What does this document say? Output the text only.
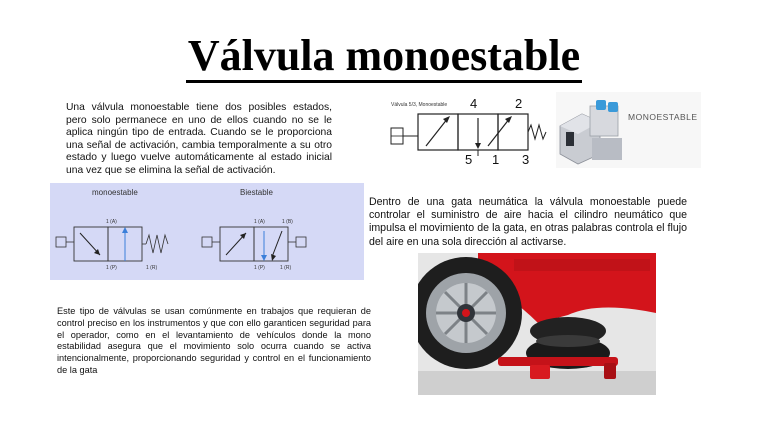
Válvula monoestable

Una válvula monoestable tiene dos posibles estados, pero solo permanece en uno de ellos cuando no se le aplica ningún tipo de entrada. Cuando se le proporciona una señal de activación, cambia temporalmente a su otro estado y luego vuelve automáticamente al estado inicial una vez que se elimina la señal de activación.

monoestable	Biestable
1 (A)
1 (P)	1 (R)
1 (A)	1 (B)
1 (P)	1 (R)
Válvula 5/3, Monoestable 4	2
5 1 3
MONOESTABLE

Dentro de una gata neumática la válvula monoestable puede controlar el suministro de aire hacia el cilindro neumático que impulsa el movimiento de la gata, en otras palabras controla el flujo del aire en una sola dirección al activarse.

Este tipo de válvulas se usan comúnmente en trabajos que requieran de control preciso en los instrumentos y que con ello garanticen seguridad para el operador, como en el levantamiento de vehículos donde la mono estabilidad asegura que el movimiento solo ocurra cuando se activa intencionalmente, proporcionando seguridad y control en el funcionamiento de la gata
